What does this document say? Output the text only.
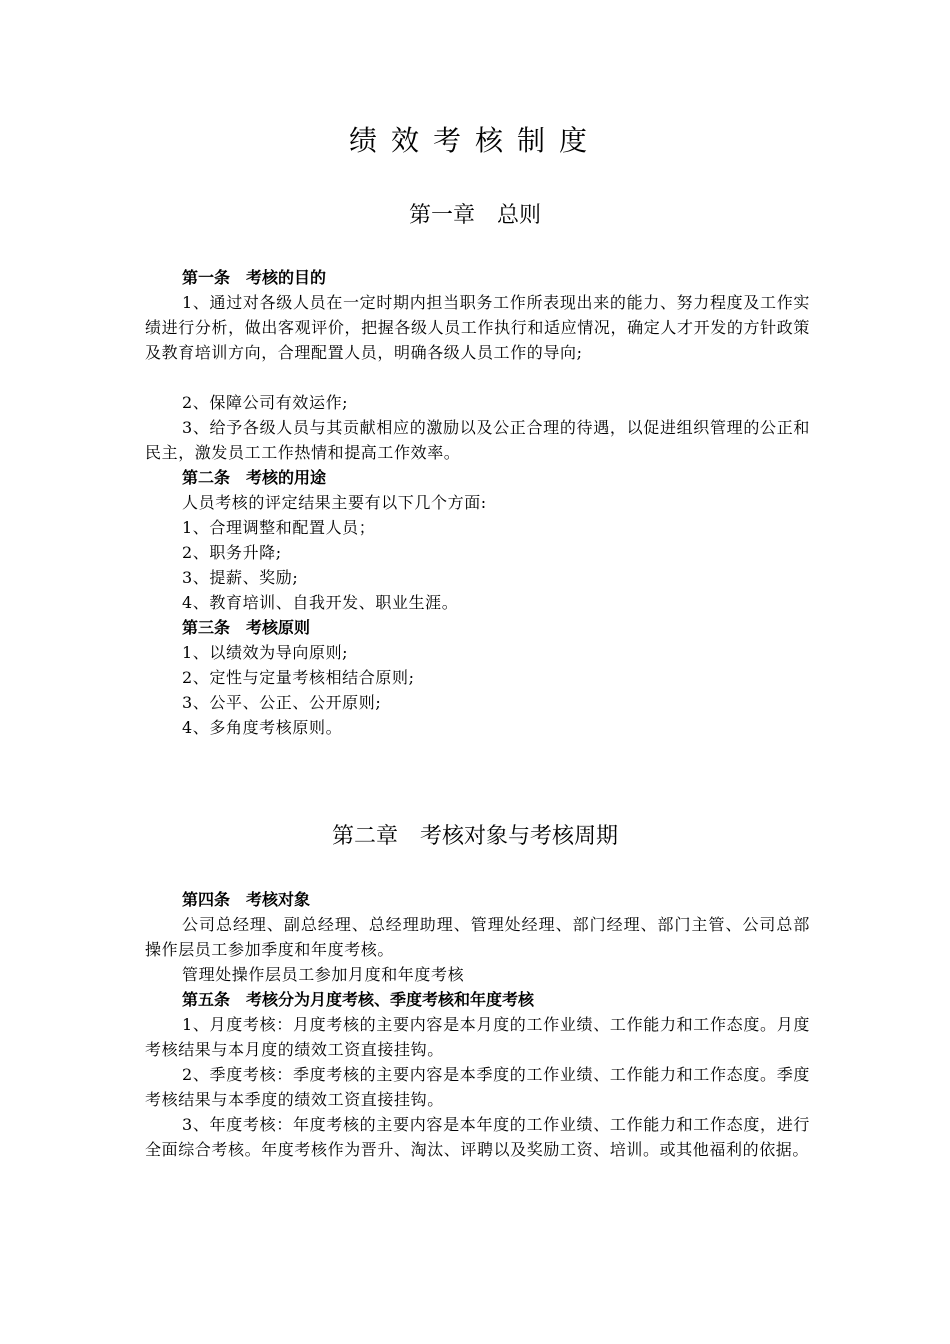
绩效考核制度
第一章　总则
第一条　考核的目的

1、通过对各级人员在一定时期内担当职务工作所表现出来的能力、努力程度及工作实绩进行分析，做出客观评价，把握各级人员工作执行和适应情况，确定人才开发的方针政策及教育培训方向，合理配置人员，明确各级人员工作的导向;

2、保障公司有效运作;

3、给予各级人员与其贡献相应的激励以及公正合理的待遇，以促进组织管理的公正和民主，激发员工工作热情和提高工作效率。

第二条　考核的用途
人员考核的评定结果主要有以下几个方面:
1、合理调整和配置人员；
2、职务升降;
3、提薪、奖励;
4、教育培训、自我开发、职业生涯。
第三条　考核原则
1、以绩效为导向原则;
2、定性与定量考核相结合原则;
3、公平、公正、公开原则;
4、多角度考核原则。
第二章　考核对象与考核周期
第四条　考核对象

公司总经理、副总经理、总经理助理、管理处经理、部门经理、部门主管、公司总部操作层员工参加季度和年度考核。

管理处操作层员工参加月度和年度考核
第五条　考核分为月度考核、季度考核和年度考核

1、月度考核：月度考核的主要内容是本月度的工作业绩、工作能力和工作态度。月度考核结果与本月度的绩效工资直接挂钩。

2、季度考核：季度考核的主要内容是本季度的工作业绩、工作能力和工作态度。季度考核结果与本季度的绩效工资直接挂钩。

3、年度考核：年度考核的主要内容是本年度的工作业绩、工作能力和工作态度，进行全面综合考核。年度考核作为晋升、淘汰、评聘以及奖励工资、培训。或其他福利的依据。
